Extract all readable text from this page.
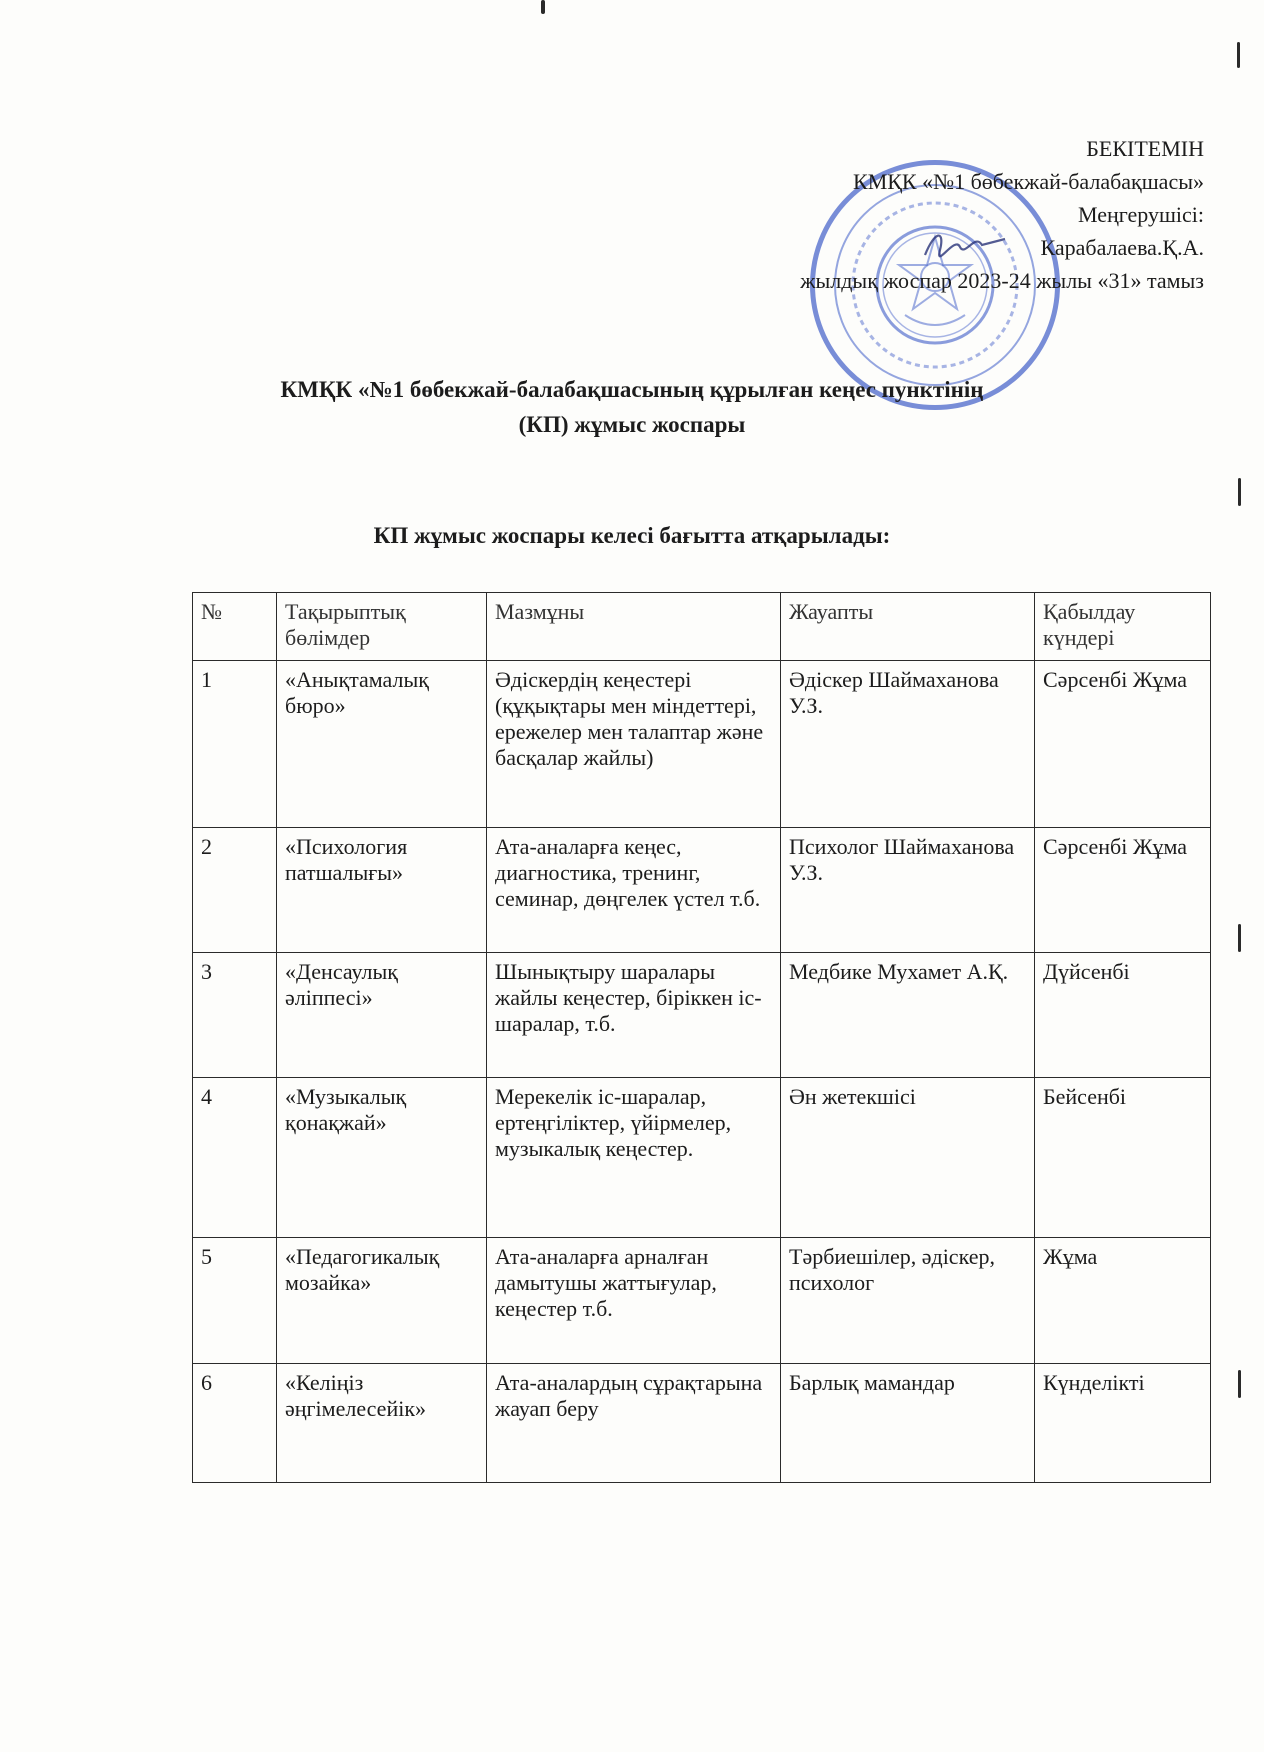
БЕКІТЕМІН
КМҚК «№1 бөбекжай-балабақшасы»
Меңгерушісі:
Карабалаева.Қ.А.
жылдық жоспар 2023-24 жылы «31» тамыз
КМҚК «№1 бөбекжай-балабақшасының құрылған кеңес пунктінің
(КП) жұмыс жоспары
КП жұмыс жоспары келесі бағытта атқарылады:
№	Тақырыптық бөлімдер	Мазмұны	Жауапты	Қабылдау күндері
1	«Анықтамалық бюро»	Әдіскердің кеңестері (құқықтары мен міндеттері, ережелер мен талаптар және басқалар жайлы)	Әдіскер Шаймаханова У.З.	Сәрсенбі Жұма
2	«Психология патшалығы»	Ата-аналарға кеңес, диагностика, тренинг, семинар, дөңгелек үстел т.б.	Психолог Шаймаханова У.З.	Сәрсенбі Жұма
3	«Денсаулық әліппесі»	Шынықтыру шаралары жайлы кеңестер, біріккен іс-шаралар, т.б.	Медбике Мухамет А.Қ.	Дүйсенбі
4	«Музыкалық қонақжай»	Мерекелік іс-шаралар, ертеңгіліктер, үйірмелер, музыкалық кеңестер.	Ән жетекшісі	Бейсенбі
5	«Педагогикалық мозайка»	Ата-аналарға арналған дамытушы жаттығулар, кеңестер т.б.	Тәрбиешілер, әдіскер, психолог	Жұма
6	«Келіңіз әңгімелесейік»	Ата-аналардың сұрақтарына жауап беру	Барлық мамандар	Күнделікті
